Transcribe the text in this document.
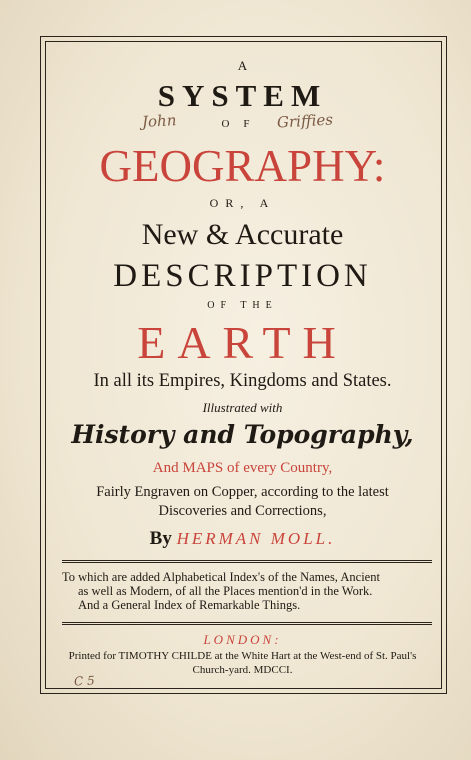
A
SYSTEM
OF
John	Griffies
GEOGRAPHY:
OR, A
New & Accurate
DESCRIPTION
OF THE
EARTH
In all its Empires, Kingdoms and States.
Illustrated with
History and Topography,
And MAPS of every Country,
Fairly Engraven on Copper, according to the latest
Discoveries and Corrections,
By HERMAN MOLL.
To which are added Alphabetical Index's of the Names, Ancient
as well as Modern, of all the Places mention'd in the Work.
And a General Index of Remarkable Things.
LONDON:
Printed for TIMOTHY CHILDE at the White Hart at the West-end of St. Paul's
Church-yard. MDCCI.
C 5
